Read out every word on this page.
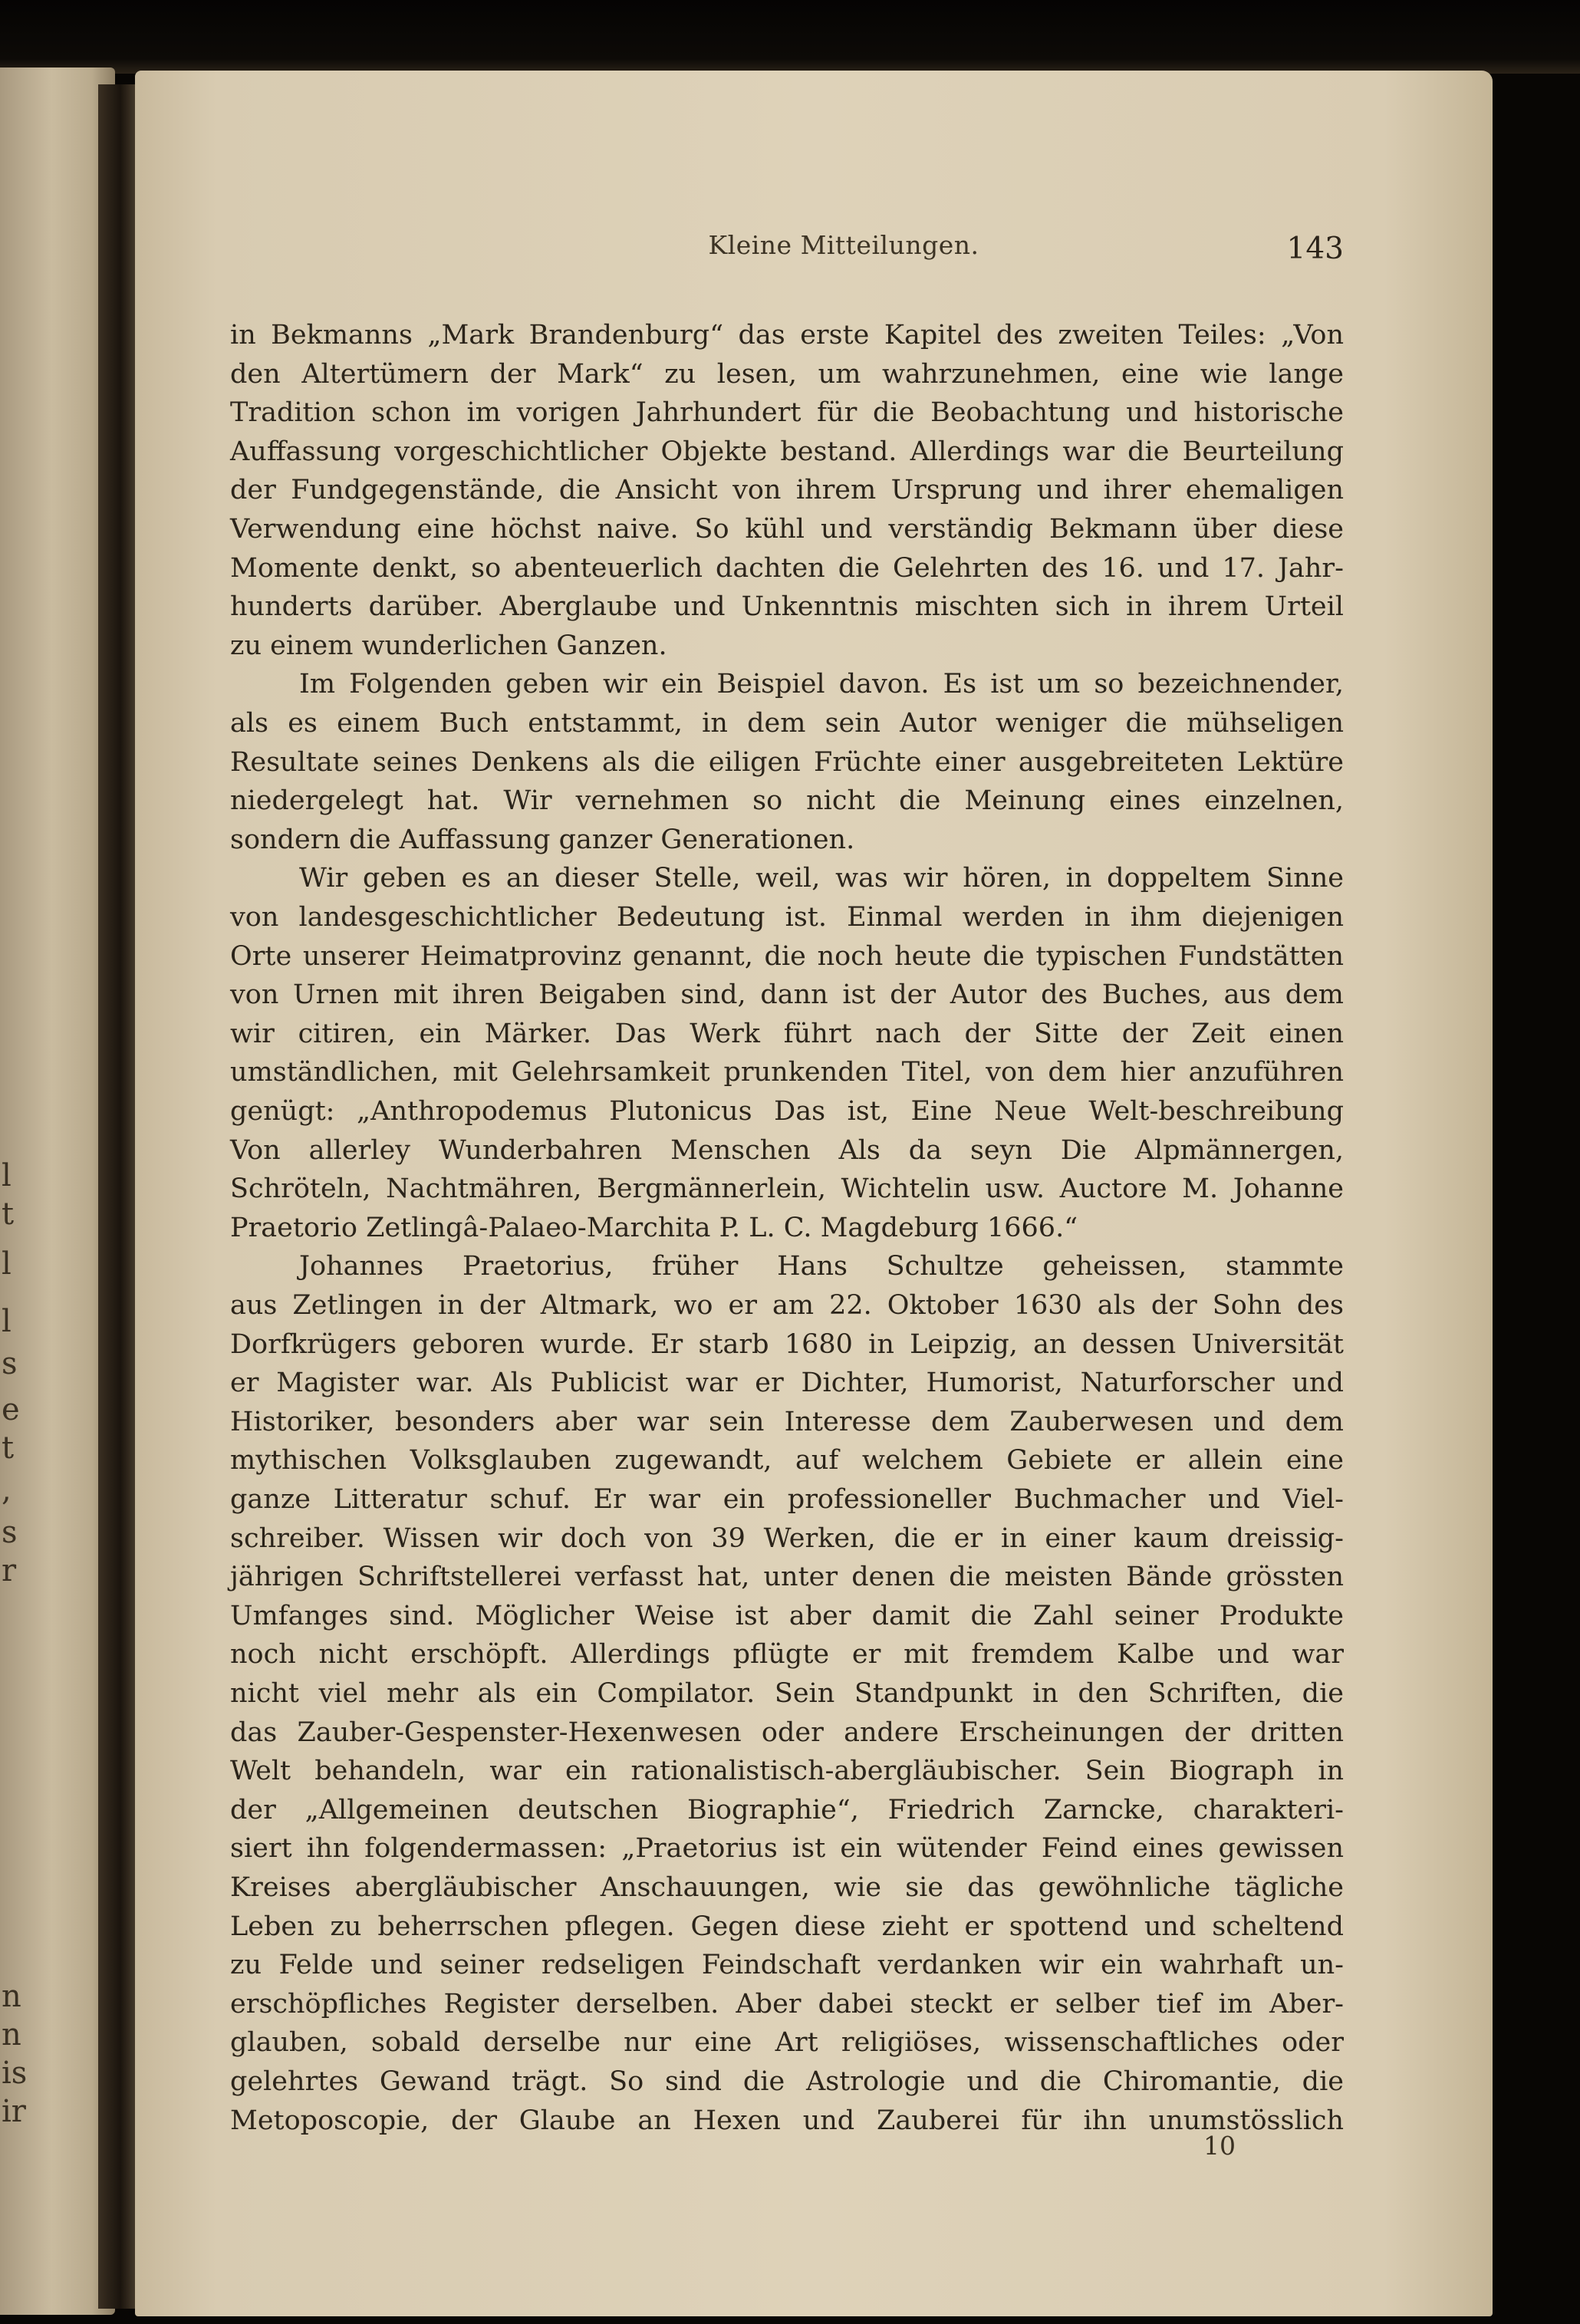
l
t
l
l
s
e
t
,
s
r
n
n
is
ir
Kleine Mitteilungen.	143
in Bekmanns „Mark Brandenburg“ das erste Kapitel des zweiten Teiles: „Von
den Altertümern der Mark“ zu lesen, um wahrzunehmen, eine wie lange
Tradition schon im vorigen Jahrhundert für die Beobachtung und historische
Auffassung vorgeschichtlicher Objekte bestand. Allerdings war die Beurteilung
der Fundgegenstände, die Ansicht von ihrem Ursprung und ihrer ehemaligen
Verwendung eine höchst naive. So kühl und verständig Bekmann über diese
Momente denkt, so abenteuerlich dachten die Gelehrten des 16. und 17. Jahr-
hunderts darüber. Aberglaube und Unkenntnis mischten sich in ihrem Urteil
zu einem wunderlichen Ganzen.
Im Folgenden geben wir ein Beispiel davon. Es ist um so bezeichnender,
als es einem Buch entstammt, in dem sein Autor weniger die mühseligen
Resultate seines Denkens als die eiligen Früchte einer ausgebreiteten Lektüre
niedergelegt hat. Wir vernehmen so nicht die Meinung eines einzelnen,
sondern die Auffassung ganzer Generationen.
Wir geben es an dieser Stelle, weil, was wir hören, in doppeltem Sinne
von landesgeschichtlicher Bedeutung ist. Einmal werden in ihm diejenigen
Orte unserer Heimatprovinz genannt, die noch heute die typischen Fundstätten
von Urnen mit ihren Beigaben sind, dann ist der Autor des Buches, aus dem
wir citiren, ein Märker. Das Werk führt nach der Sitte der Zeit einen
umständlichen, mit Gelehrsamkeit prunkenden Titel, von dem hier anzuführen
genügt: „Anthropodemus Plutonicus Das ist, Eine Neue Welt-beschreibung
Von allerley Wunderbahren Menschen Als da seyn Die Alpmännergen,
Schröteln, Nachtmähren, Bergmännerlein, Wichtelin usw. Auctore M. Johanne
Praetorio Zetlingâ-Palaeo-Marchita P. L. C. Magdeburg 1666.“
Johannes Praetorius, früher Hans Schultze geheissen, stammte
aus Zetlingen in der Altmark, wo er am 22. Oktober 1630 als der Sohn des
Dorfkrügers geboren wurde. Er starb 1680 in Leipzig, an dessen Universität
er Magister war. Als Publicist war er Dichter, Humorist, Naturforscher und
Historiker, besonders aber war sein Interesse dem Zauberwesen und dem
mythischen Volksglauben zugewandt, auf welchem Gebiete er allein eine
ganze Litteratur schuf. Er war ein professioneller Buchmacher und Viel-
schreiber. Wissen wir doch von 39 Werken, die er in einer kaum dreissig-
jährigen Schriftstellerei verfasst hat, unter denen die meisten Bände grössten
Umfanges sind. Möglicher Weise ist aber damit die Zahl seiner Produkte
noch nicht erschöpft. Allerdings pflügte er mit fremdem Kalbe und war
nicht viel mehr als ein Compilator. Sein Standpunkt in den Schriften, die
das Zauber-Gespenster-Hexenwesen oder andere Erscheinungen der dritten
Welt behandeln, war ein rationalistisch-abergläubischer. Sein Biograph in
der „Allgemeinen deutschen Biographie“, Friedrich Zarncke, charakteri-
siert ihn folgendermassen: „Praetorius ist ein wütender Feind eines gewissen
Kreises abergläubischer Anschauungen, wie sie das gewöhnliche tägliche
Leben zu beherrschen pflegen. Gegen diese zieht er spottend und scheltend
zu Felde und seiner redseligen Feindschaft verdanken wir ein wahrhaft un-
erschöpfliches Register derselben. Aber dabei steckt er selber tief im Aber-
glauben, sobald derselbe nur eine Art religiöses, wissenschaftliches oder
gelehrtes Gewand trägt. So sind die Astrologie und die Chiromantie, die
Metoposcopie, der Glaube an Hexen und Zauberei für ihn unumstösslich
10
